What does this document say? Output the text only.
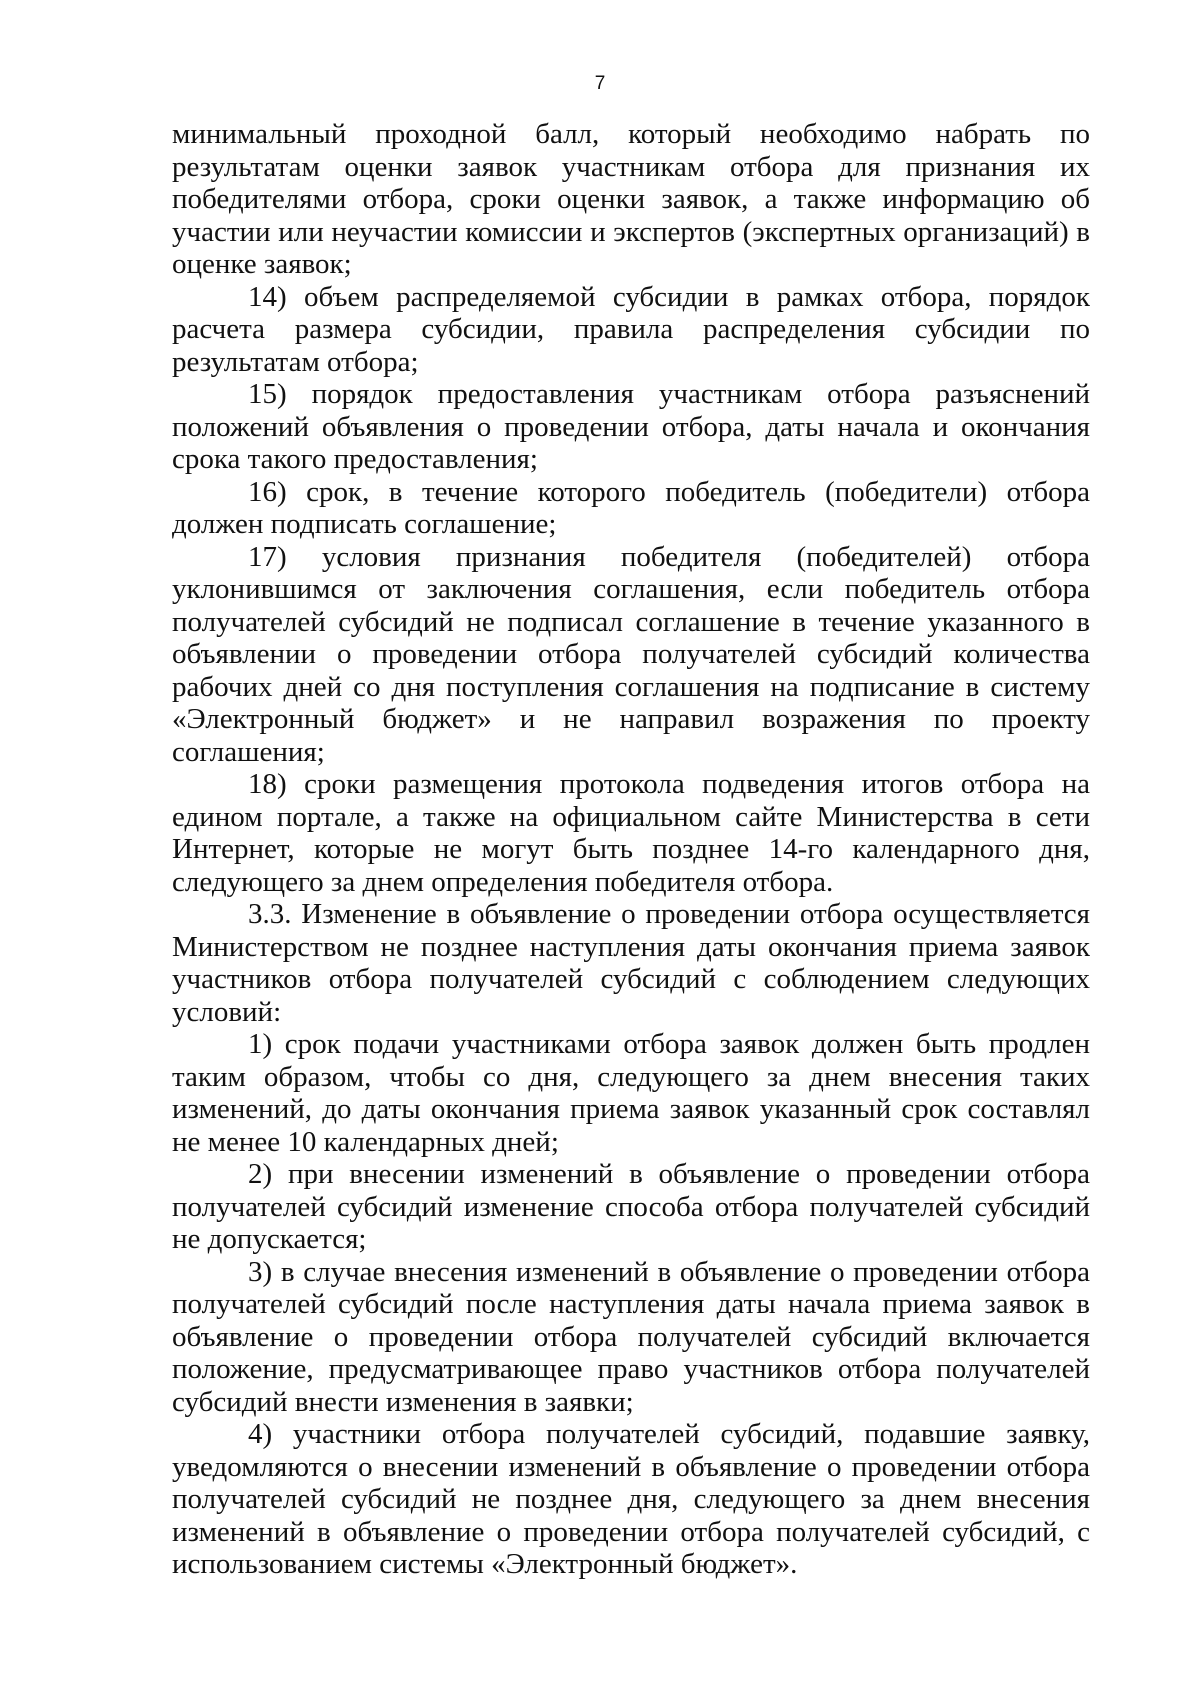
7

минимальный проходной балл, который необходимо набрать по результатам оценки заявок участникам отбора для признания их победителями отбора, сроки оценки заявок, а также информацию об участии или неучастии комиссии и экспертов (экспертных организаций) в оценке заявок;

14) объем распределяемой субсидии в рамках отбора, порядок расчета размера субсидии, правила распределения субсидии по результатам отбора;

15) порядок предоставления участникам отбора разъяснений положений объявления о проведении отбора, даты начала и окончания срока такого предоставления;

16) срок, в течение которого победитель (победители) отбора должен подписать соглашение;

17) условия признания победителя (победителей) отбора уклонившимся от заключения соглашения, если победитель отбора получателей субсидий не подписал соглашение в течение указанного в объявлении о проведении отбора получателей субсидий количества рабочих дней со дня поступления соглашения на подписание в систему «Электронный бюджет» и не направил возражения по проекту соглашения;

18) сроки размещения протокола подведения итогов отбора на едином портале, а также на официальном сайте Министерства в сети Интернет, которые не могут быть позднее 14-го календарного дня, следующего за днем определения победителя отбора.

3.3. Изменение в объявление о проведении отбора осуществляется Министерством не позднее наступления даты окончания приема заявок участников отбора получателей субсидий с соблюдением следующих условий:

1) срок подачи участниками отбора заявок должен быть продлен таким образом, чтобы со дня, следующего за днем внесения таких изменений, до даты окончания приема заявок указанный срок составлял не менее 10 календарных дней;

2) при внесении изменений в объявление о проведении отбора получателей субсидий изменение способа отбора получателей субсидий не допускается;

3) в случае внесения изменений в объявление о проведении отбора получателей субсидий после наступления даты начала приема заявок в объявление о проведении отбора получателей субсидий включается положение, предусматривающее право участников отбора получателей субсидий внести изменения в заявки;

4) участники отбора получателей субсидий, подавшие заявку, уведомляются о внесении изменений в объявление о проведении отбора получателей субсидий не позднее дня, следующего за днем внесения изменений в объявление о проведении отбора получателей субсидий, с использованием системы «Электронный бюджет».
